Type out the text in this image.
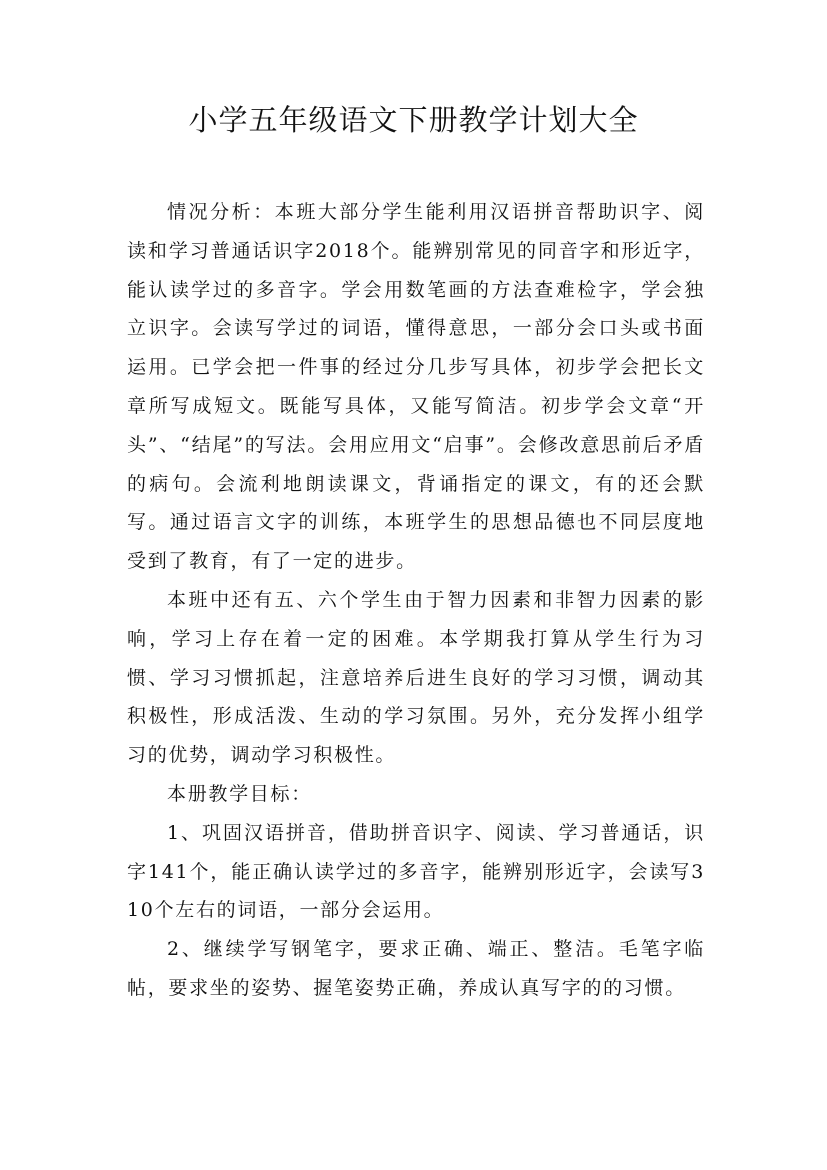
小学五年级语文下册教学计划大全

情况分析：本班大部分学生能利用汉语拼音帮助识字、阅读和学习普通话识字2018个。能辨别常见的同音字和形近字，能认读学过的多音字。学会用数笔画的方法查难检字，学会独立识字。会读写学过的词语，懂得意思，一部分会口头或书面运用。已学会把一件事的经过分几步写具体，初步学会把长文章所写成短文。既能写具体，又能写简洁。初步学会文章“开头”、“结尾”的写法。会用应用文“启事”。会修改意思前后矛盾的病句。会流利地朗读课文，背诵指定的课文，有的还会默写。通过语言文字的训练，本班学生的思想品德也不同层度地受到了教育，有了一定的进步。

本班中还有五、六个学生由于智力因素和非智力因素的影响，学习上存在着一定的困难。本学期我打算从学生行为习惯、学习习惯抓起，注意培养后进生良好的学习习惯，调动其积极性，形成活泼、生动的学习氛围。另外，充分发挥小组学习的优势，调动学习积极性。

本册教学目标：

1、巩固汉语拼音，借助拼音识字、阅读、学习普通话，识字141个，能正确认读学过的多音字，能辨别形近字，会读写310个左右的词语，一部分会运用。

2、继续学写钢笔字，要求正确、端正、整洁。毛笔字临帖，要求坐的姿势、握笔姿势正确，养成认真写字的的习惯。
